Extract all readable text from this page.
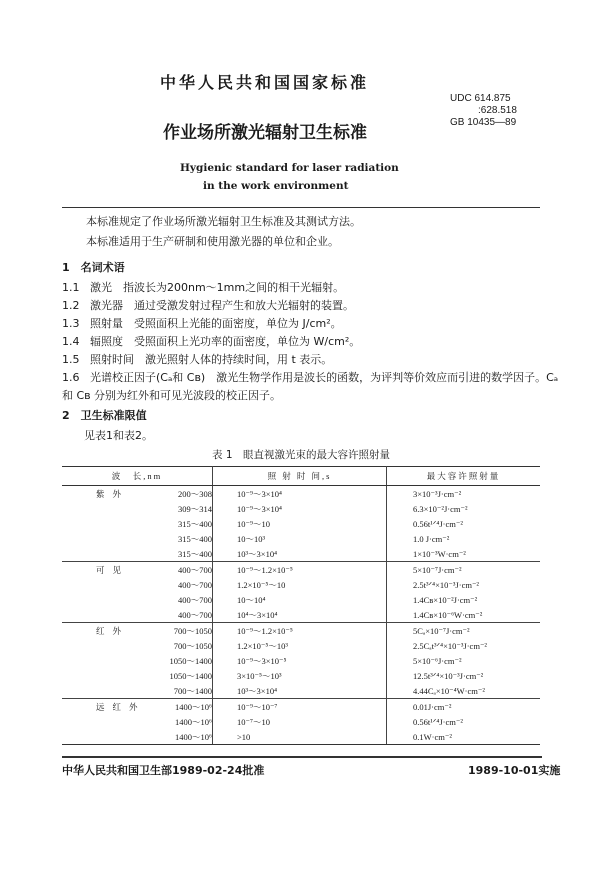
中华人民共和国国家标准
UDC 614.875
:628.518
GB 10435—89
作业场所激光辐射卫生标准
Hygienic standard for laser radiation
in the work environment
本标准规定了作业场所激光辐射卫生标准及其测试方法。
本标准适用于生产研制和使用激光器的单位和企业。
1　名词术语
1.1 激光　指波长为200nm～1mm之间的相干光辐射。
1.2 激光器　通过受激发射过程产生和放大光辐射的装置。
1.3 照射量　受照面积上光能的面密度，单位为 J/cm²。
1.4 辐照度　受照面积上光功率的面密度，单位为 W/cm²。
1.5 照射时间　激光照射人体的持续时间，用 t 表示。
1.6 光谱校正因子(Cₐ和 Cʙ)　激光生物学作用是波长的函数，为评判等价效应而引进的数学因子。Cₐ
和 Cʙ 分别为红外和可见光波段的校正因子。
2　卫生标准限值
见表1和表2。
表 1　眼直视激光束的最大容许照射量
波　长,nm	照 射 时 间,s	最大容许照射量
紫外 200～308	10⁻⁹～3×10⁴	3×10⁻³J·cm⁻²
309～314	10⁻⁹～3×10⁴	6.3×10⁻²J·cm⁻²
315～400	10⁻⁹～10	0.56t¹ᐟ⁴J·cm⁻²
315～400	10～10³	1.0 J·cm⁻²
315～400	10³～3×10⁴	1×10⁻³W·cm⁻²
可见 400～700	10⁻⁹～1.2×10⁻⁵	5×10⁻⁷J·cm⁻²
400～700	1.2×10⁻⁵～10	2.5t³ᐟ⁴×10⁻³J·cm⁻²
400～700	10～10⁴	1.4Cʙ×10⁻²J·cm⁻²
400～700	10⁴～3×10⁴	1.4Cʙ×10⁻⁶W·cm⁻²
红外 700～1050	10⁻⁹～1.2×10⁻⁵	5Cₐ×10⁻⁷J·cm⁻²
700～1050	1.2×10⁻⁵～10³	2.5Cₐt³ᐟ⁴×10⁻³J·cm⁻²
1050～1400	10⁻⁹～3×10⁻⁵	5×10⁻⁶J·cm⁻²
1050～1400	3×10⁻⁵～10³	12.5t³ᐟ⁴×10⁻³J·cm⁻²
700～1400	10³～3×10⁴	4.44Cₐ×10⁻⁴W·cm⁻²
远红外 1400～10⁶	10⁻⁹～10⁻⁷	0.01J·cm⁻²
1400～10⁶	10⁻⁷～10	0.56t¹ᐟ⁴J·cm⁻²
1400～10⁶	>10	0.1W·cm⁻²
中华人民共和国卫生部1989-02-24批准	1989-10-01实施
